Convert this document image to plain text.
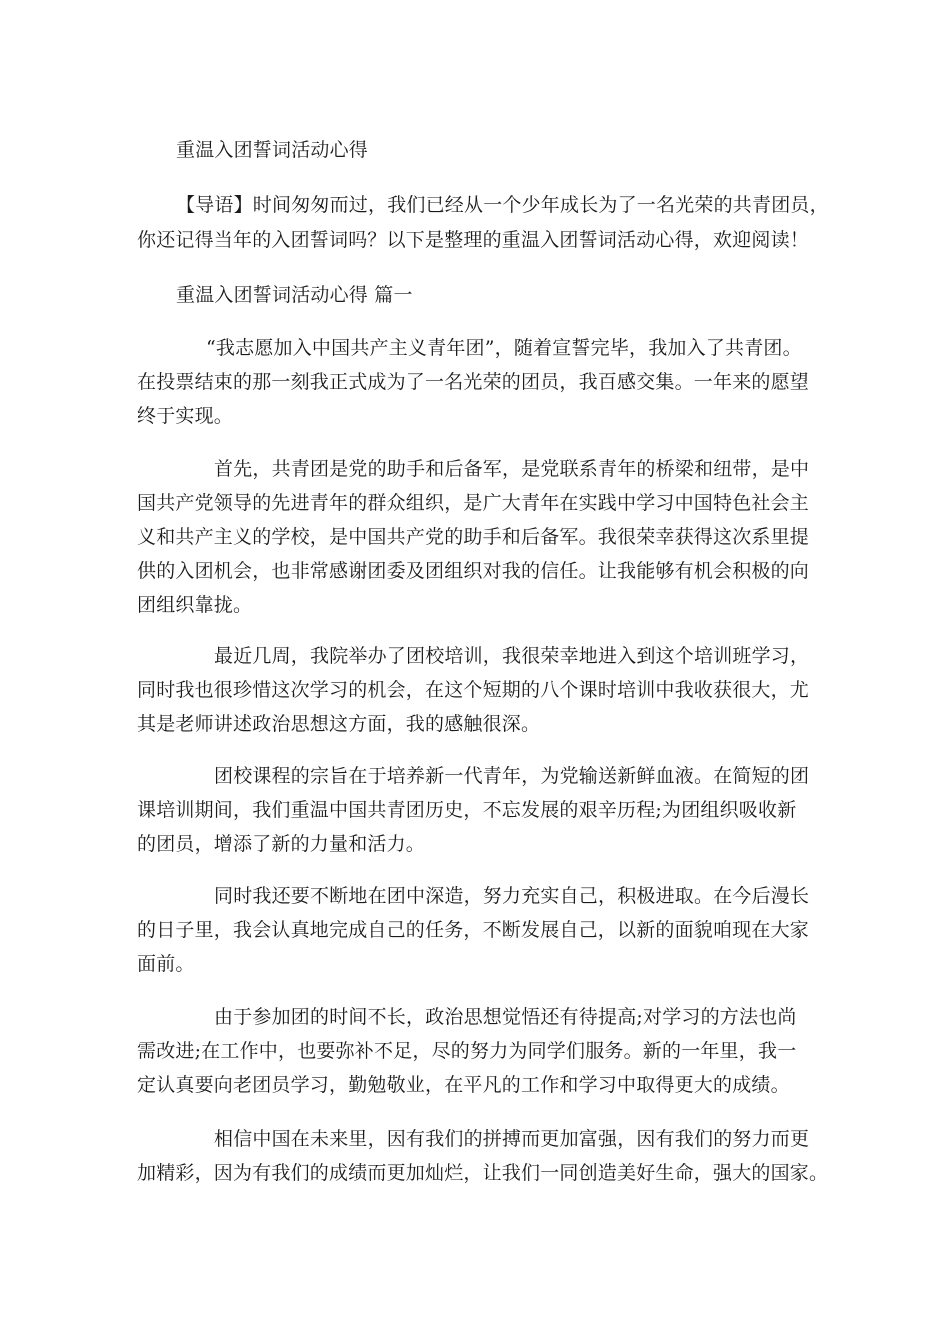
重温入团誓词活动心得
【导语】时间匆匆而过，我们已经从一个少年成长为了一名光荣的共青团员，
你还记得当年的入团誓词吗？以下是整理的重温入团誓词活动心得，欢迎阅读！
重温入团誓词活动心得 篇一
“我志愿加入中国共产主义青年团”，随着宣誓完毕，我加入了共青团。
在投票结束的那一刻我正式成为了一名光荣的团员，我百感交集。一年来的愿望
终于实现。
首先，共青团是党的助手和后备军，是党联系青年的桥梁和纽带，是中
国共产党领导的先进青年的群众组织，是广大青年在实践中学习中国特色社会主
义和共产主义的学校，是中国共产党的助手和后备军。我很荣幸获得这次系里提
供的入团机会，也非常感谢团委及团组织对我的信任。让我能够有机会积极的向
团组织靠拢。
最近几周，我院举办了团校培训，我很荣幸地进入到这个培训班学习，
同时我也很珍惜这次学习的机会，在这个短期的八个课时培训中我收获很大，尤
其是老师讲述政治思想这方面，我的感触很深。
团校课程的宗旨在于培养新一代青年，为党输送新鲜血液。在简短的团
课培训期间，我们重温中国共青团历史，不忘发展的艰辛历程;为团组织吸收新
的团员，增添了新的力量和活力。
同时我还要不断地在团中深造，努力充实自己，积极进取。在今后漫长
的日子里，我会认真地完成自己的任务，不断发展自己，以新的面貌咱现在大家
面前。
由于参加团的时间不长，政治思想觉悟还有待提高;对学习的方法也尚
需改进;在工作中，也要弥补不足，尽的努力为同学们服务。新的一年里，我一
定认真要向老团员学习，勤勉敬业，在平凡的工作和学习中取得更大的成绩。
相信中国在未来里，因有我们的拼搏而更加富强，因有我们的努力而更
加精彩，因为有我们的成绩而更加灿烂，让我们一同创造美好生命，强大的国家。
